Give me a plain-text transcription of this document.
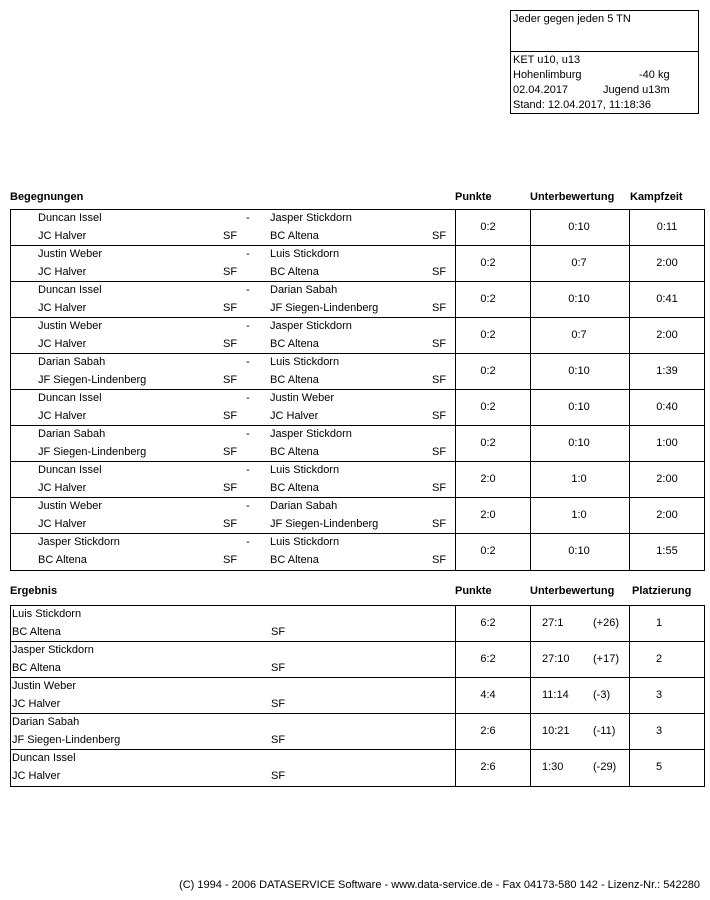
Jeder gegen jeden 5 TN
KET u10, u13
Hohenlimburg	-40 kg
02.04.2017	Jugend u13m
Stand: 12.04.2017, 11:18:36
Begegnungen	Punkte	Unterbewertung Kampfzeit
Duncan Issel
JC Halver	SF
- Jasper Stickdorn
BC Altena	SF
0:2	0:10	0:11
Justin Weber
JC Halver	SF
- Luis Stickdorn
BC Altena	SF
0:2	0:7	2:00
Duncan Issel
JC Halver	SF
- Darian Sabah
JF Siegen-Lindenberg	SF
0:2	0:10	0:41
Justin Weber
JC Halver	SF
- Jasper Stickdorn
BC Altena	SF
0:2	0:7	2:00
Darian Sabah
JF Siegen-Lindenberg	SF
- Luis Stickdorn
BC Altena	SF
0:2	0:10	1:39
Duncan Issel
JC Halver	SF
- Justin Weber
JC Halver	SF
0:2	0:10	0:40
Darian Sabah
JF Siegen-Lindenberg	SF
- Jasper Stickdorn
BC Altena	SF
0:2	0:10	1:00
Duncan Issel
JC Halver	SF
- Luis Stickdorn
BC Altena	SF
2:0	1:0	2:00
Justin Weber
JC Halver	SF
- Darian Sabah
JF Siegen-Lindenberg	SF
2:0	1:0	2:00
Jasper Stickdorn
BC Altena	SF
- Luis Stickdorn
BC Altena	SF
0:2	0:10	1:55
Ergebnis	Punkte	Unterbewertung Platzierung
Luis Stickdorn
BC Altena	SF
6:2	27:1	(+26)	1
Jasper Stickdorn
BC Altena	SF
6:2	27:10 (+17)	2
Justin Weber
JC Halver	SF
4:4	11:14 (-3)	3
Darian Sabah
JF Siegen-Lindenberg	SF
2:6	10:21 (-11)	3
Duncan Issel
JC Halver	SF
2:6	1:30	(-29)	5
(C) 1994 - 2006 DATASERVICE Software - www.data-service.de - Fax 04173-580 142 - Lizenz-Nr.: 542280
